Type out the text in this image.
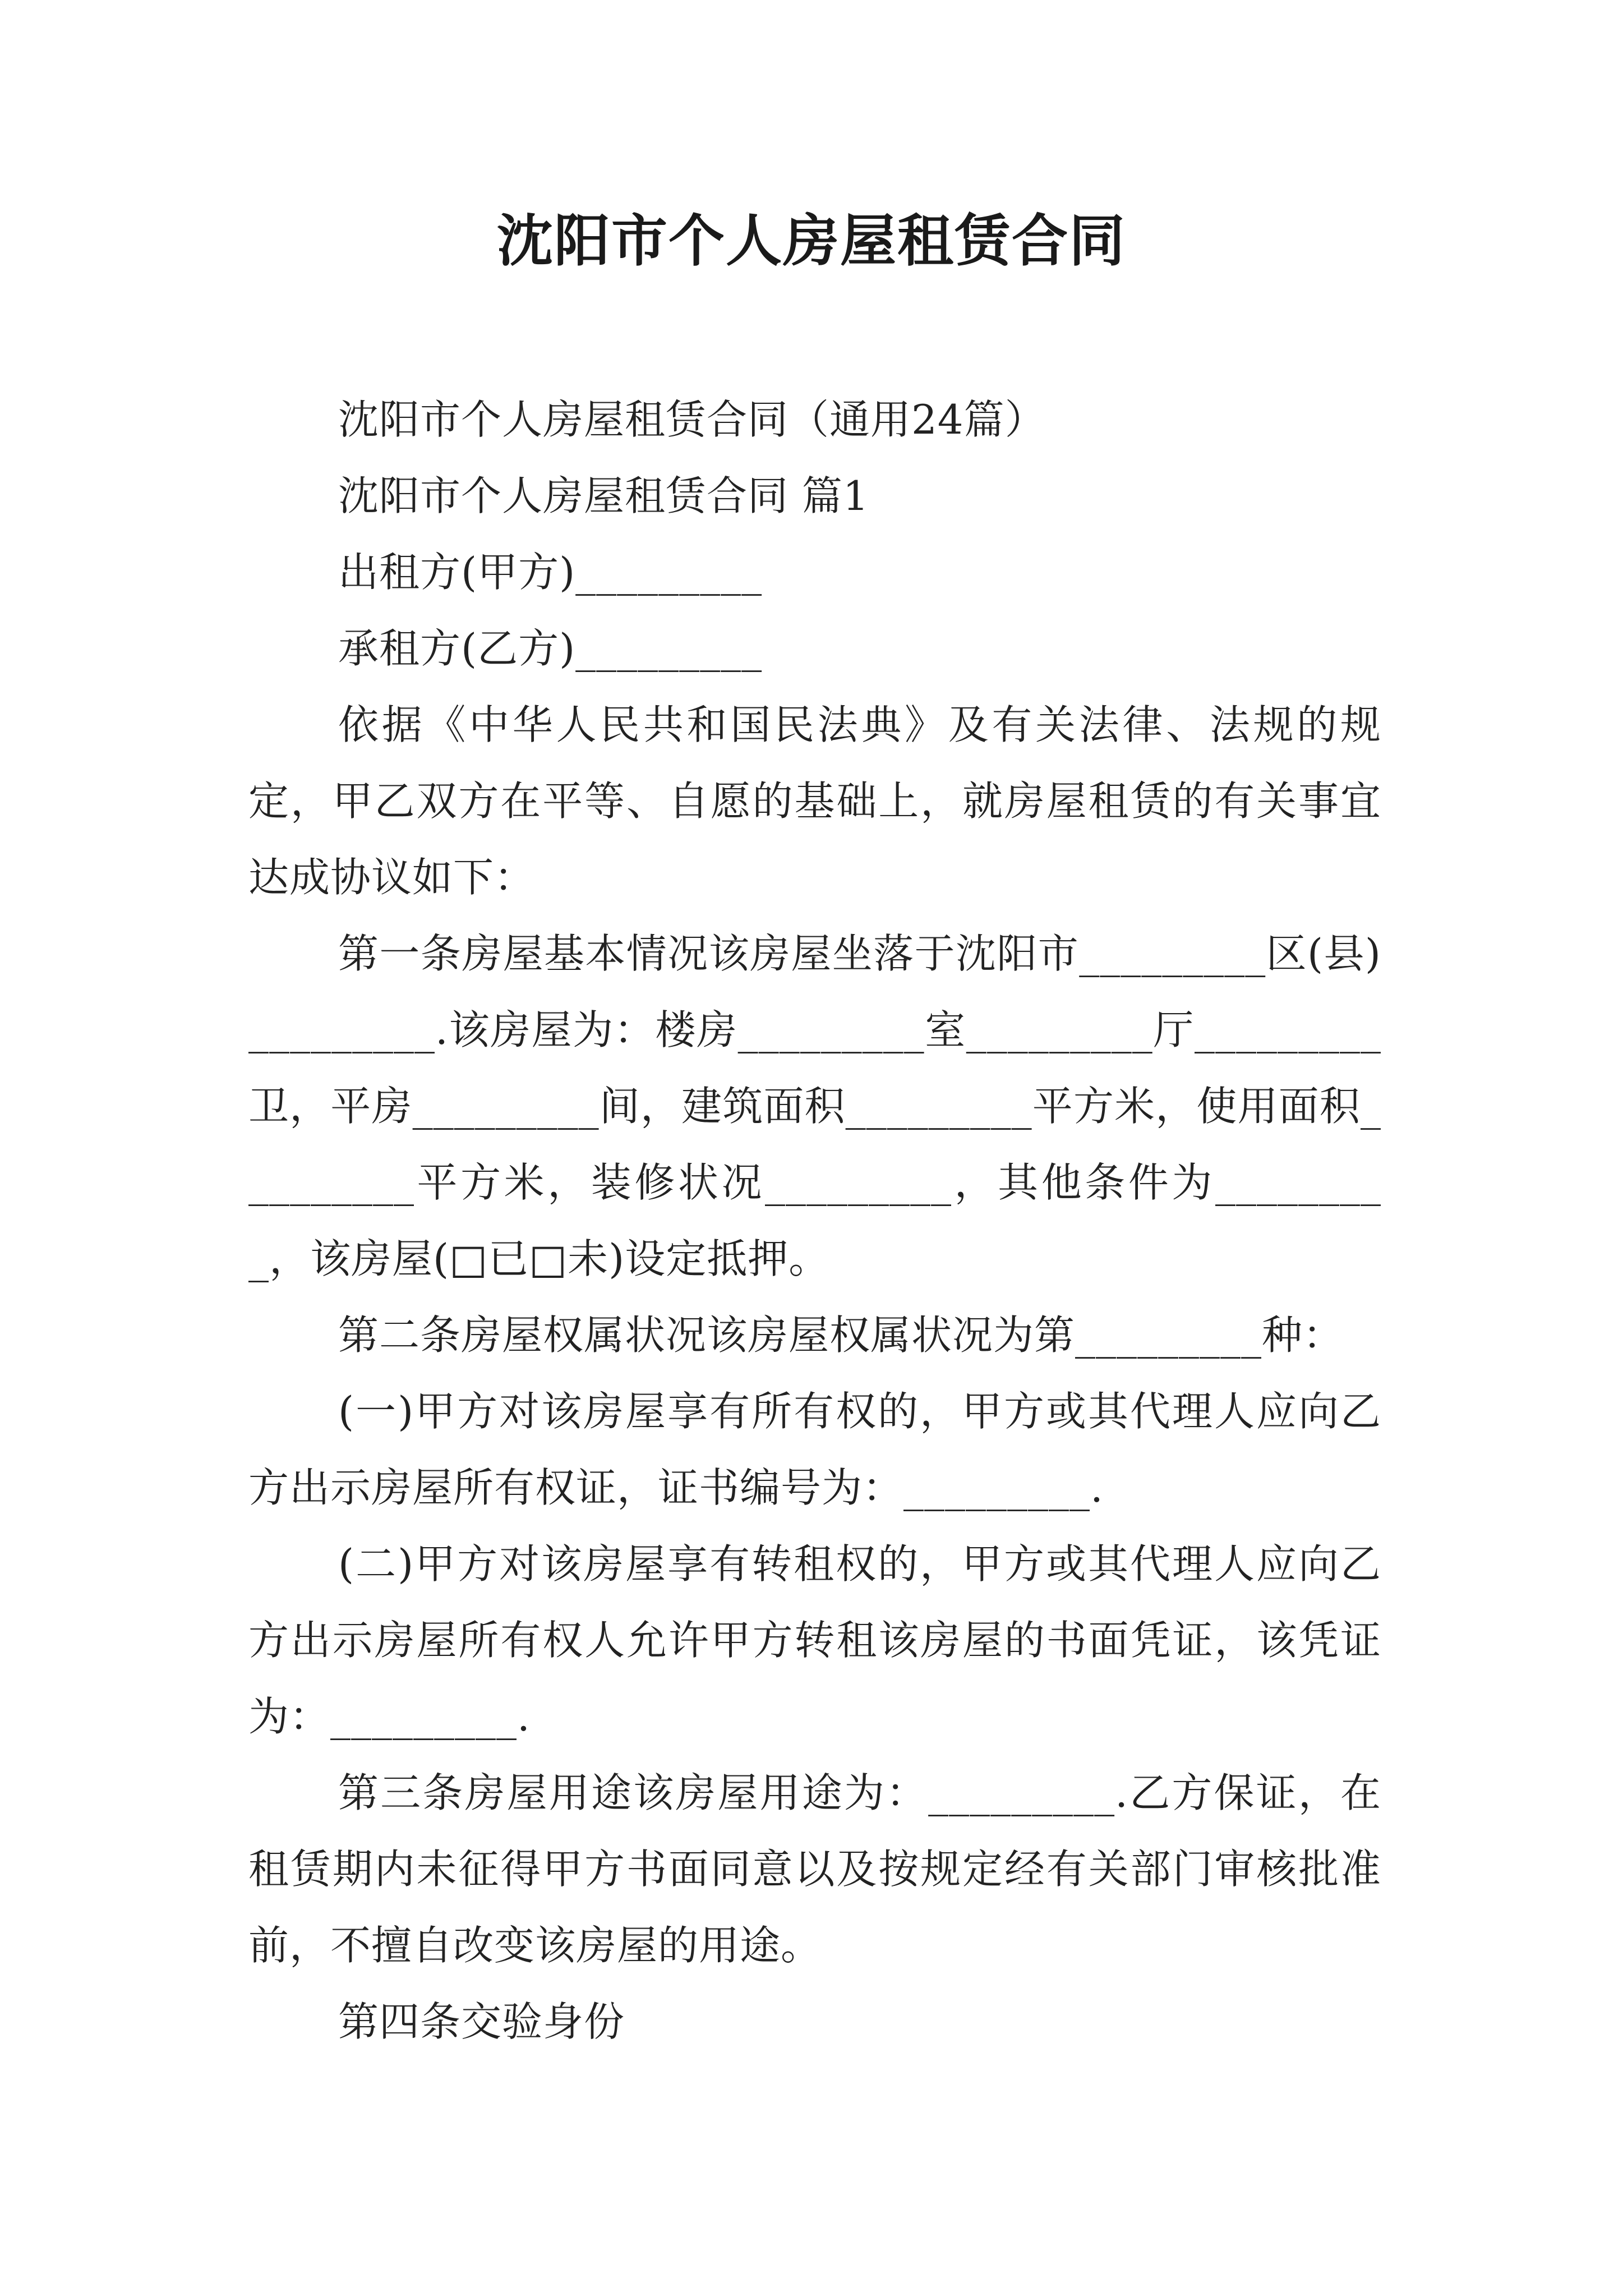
沈阳市个人房屋租赁合同

沈阳市个人房屋租赁合同（通用24篇）

沈阳市个人房屋租赁合同 篇1

出租方(甲方)_________

承租方(乙方)_________

依据《中华人民共和国民法典》及有关法律、法规的规定，甲乙双方在平等、自愿的基础上，就房屋租赁的有关事宜达成协议如下：

第一条房屋基本情况该房屋坐落于沈阳市_________区(县)_________.该房屋为：楼房_________室_________厅_________卫，平房_________间，建筑面积_________平方米，使用面积_________平方米，装修状况_________，其他条件为_________，该房屋(□已□未)设定抵押。

第二条房屋权属状况该房屋权属状况为第_________种：

(一)甲方对该房屋享有所有权的，甲方或其代理人应向乙方出示房屋所有权证，证书编号为：_________.

(二)甲方对该房屋享有转租权的，甲方或其代理人应向乙方出示房屋所有权人允许甲方转租该房屋的书面凭证，该凭证为：_________.

第三条房屋用途该房屋用途为：_________.乙方保证，在租赁期内未征得甲方书面同意以及按规定经有关部门审核批准前，不擅自改变该房屋的用途。

第四条交验身份
